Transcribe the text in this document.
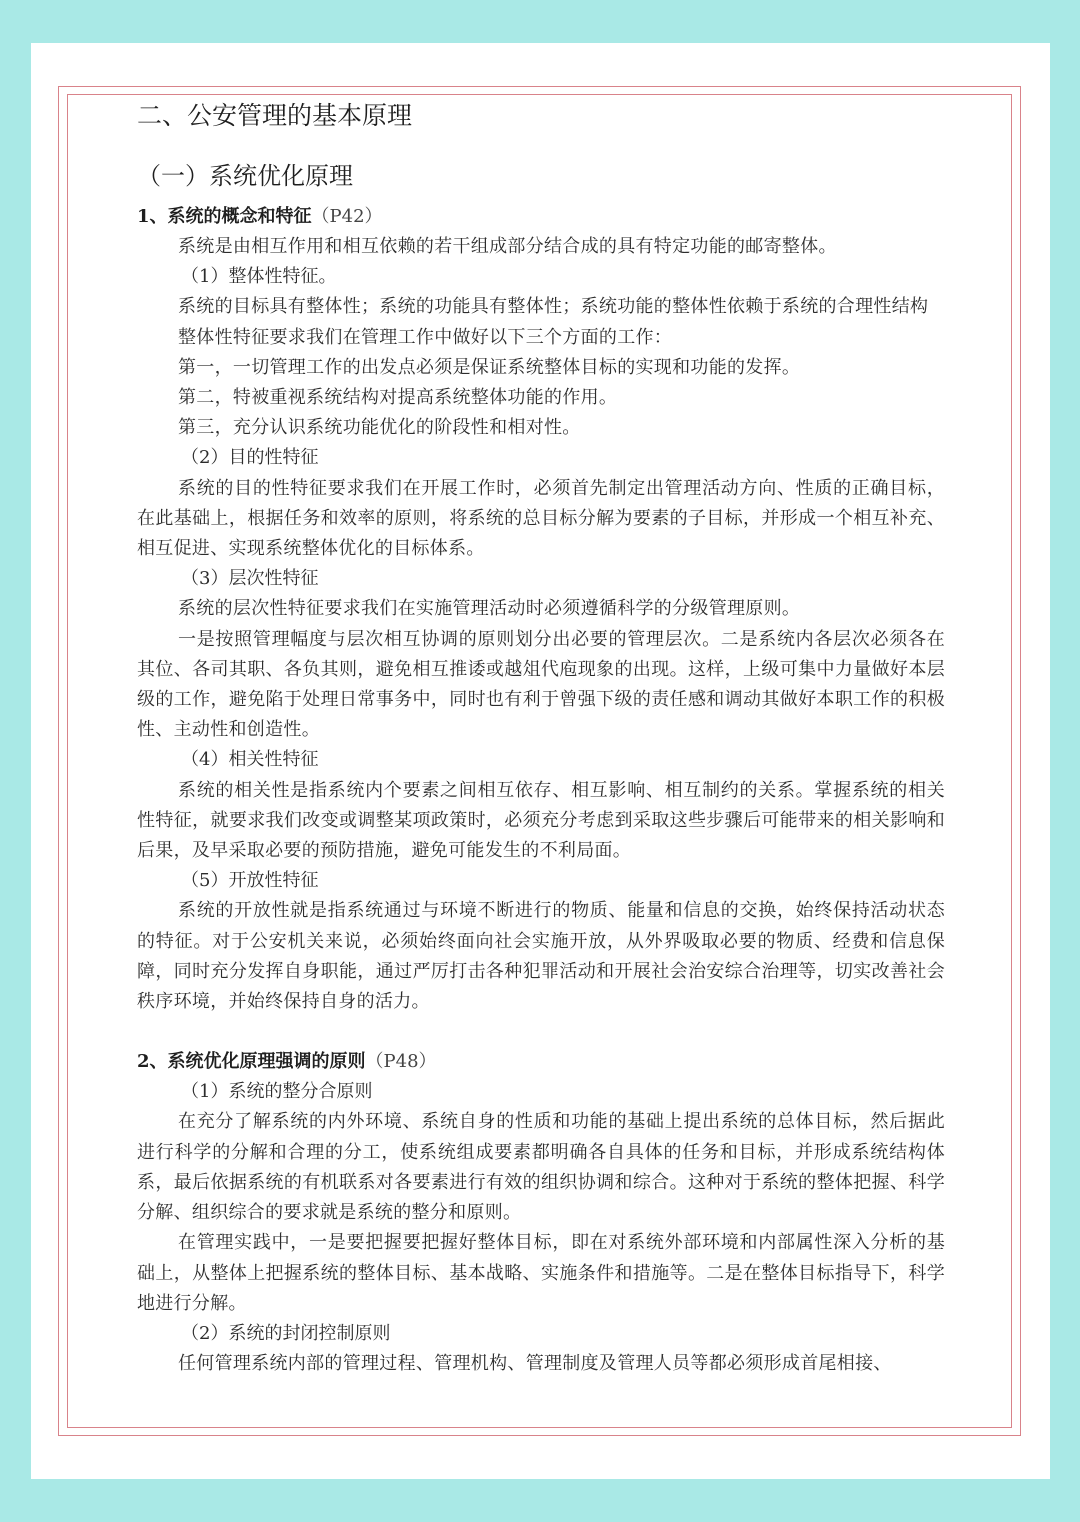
二、公安管理的基本原理
（一）系统优化原理
1、系统的概念和特征（P42）
系统是由相互作用和相互依赖的若干组成部分结合成的具有特定功能的邮寄整体。
（1）整体性特征。
系统的目标具有整体性；系统的功能具有整体性；系统功能的整体性依赖于系统的合理性结构
整体性特征要求我们在管理工作中做好以下三个方面的工作：
第一，一切管理工作的出发点必须是保证系统整体目标的实现和功能的发挥。
第二，特被重视系统结构对提高系统整体功能的作用。
第三，充分认识系统功能优化的阶段性和相对性。
（2）目的性特征
系统的目的性特征要求我们在开展工作时，必须首先制定出管理活动方向、性质的正确目标，在此基础上，根据任务和效率的原则，将系统的总目标分解为要素的子目标，并形成一个相互补充、相互促进、实现系统整体优化的目标体系。
（3）层次性特征
系统的层次性特征要求我们在实施管理活动时必须遵循科学的分级管理原则。
一是按照管理幅度与层次相互协调的原则划分出必要的管理层次。二是系统内各层次必须各在其位、各司其职、各负其则，避免相互推诿或越俎代庖现象的出现。这样，上级可集中力量做好本层级的工作，避免陷于处理日常事务中，同时也有利于曾强下级的责任感和调动其做好本职工作的积极性、主动性和创造性。
（4）相关性特征
系统的相关性是指系统内个要素之间相互依存、相互影响、相互制约的关系。掌握系统的相关性特征，就要求我们改变或调整某项政策时，必须充分考虑到采取这些步骤后可能带来的相关影响和后果，及早采取必要的预防措施，避免可能发生的不利局面。
（5）开放性特征
系统的开放性就是指系统通过与环境不断进行的物质、能量和信息的交换，始终保持活动状态的特征。对于公安机关来说，必须始终面向社会实施开放，从外界吸取必要的物质、经费和信息保障，同时充分发挥自身职能，通过严厉打击各种犯罪活动和开展社会治安综合治理等，切实改善社会秩序环境，并始终保持自身的活力。
2、系统优化原理强调的原则（P48）
（1）系统的整分合原则
在充分了解系统的内外环境、系统自身的性质和功能的基础上提出系统的总体目标，然后据此进行科学的分解和合理的分工，使系统组成要素都明确各自具体的任务和目标，并形成系统结构体系，最后依据系统的有机联系对各要素进行有效的组织协调和综合。这种对于系统的整体把握、科学分解、组织综合的要求就是系统的整分和原则。
在管理实践中，一是要把握要把握好整体目标，即在对系统外部环境和内部属性深入分析的基础上，从整体上把握系统的整体目标、基本战略、实施条件和措施等。二是在整体目标指导下，科学地进行分解。
（2）系统的封闭控制原则
任何管理系统内部的管理过程、管理机构、管理制度及管理人员等都必须形成首尾相接、
